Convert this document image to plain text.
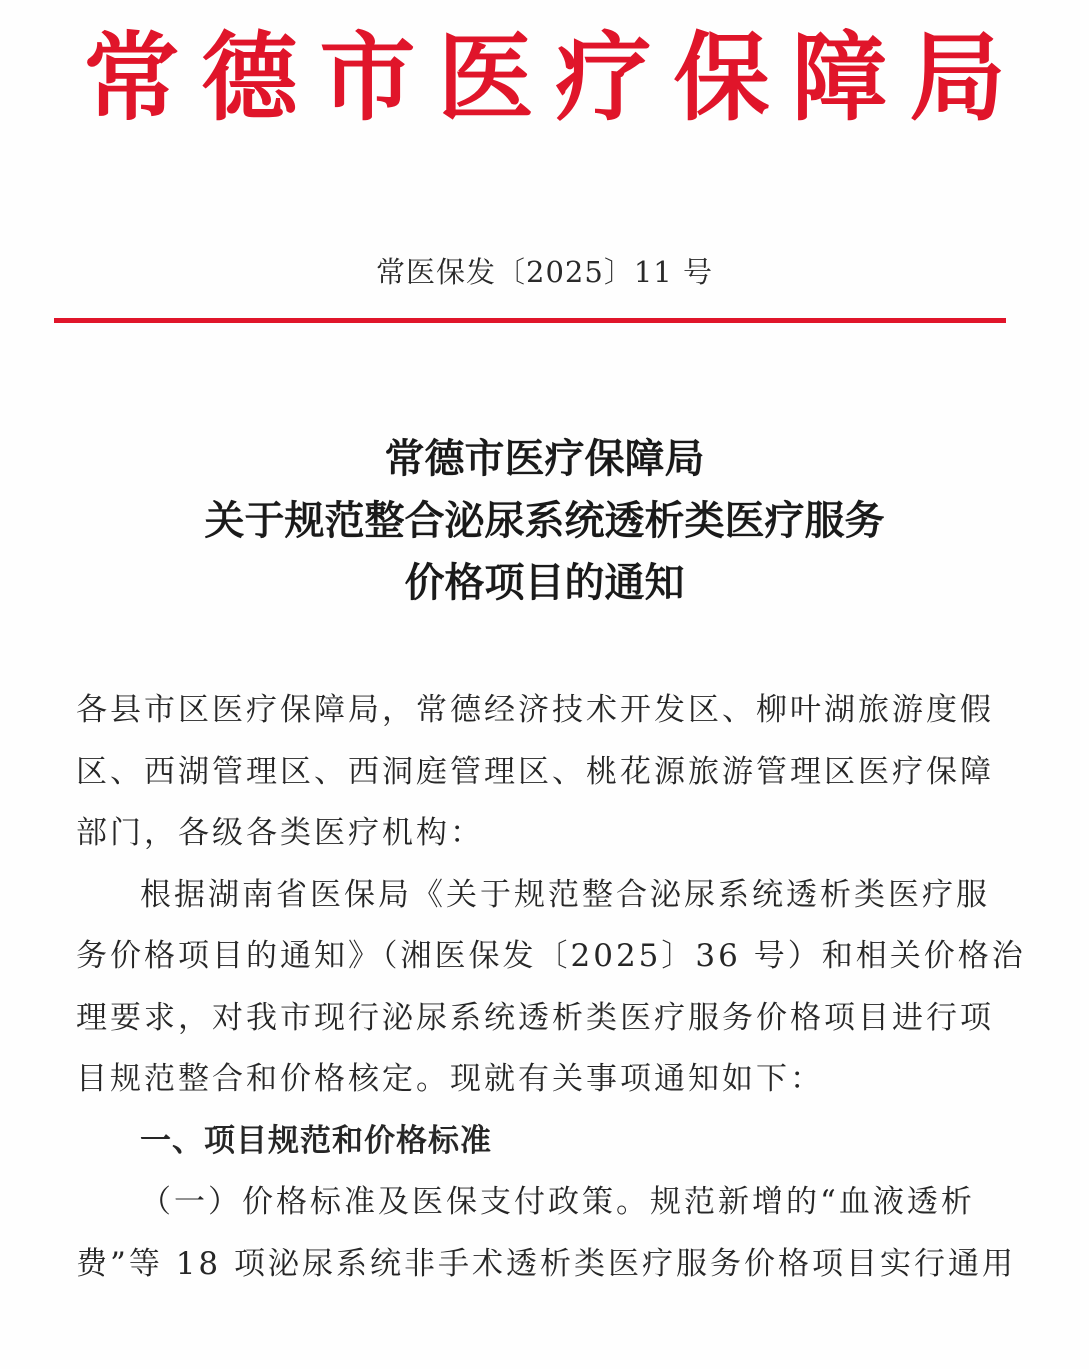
常德市医疗保障局
常医保发〔2025〕11 号
常德市医疗保障局
关于规范整合泌尿系统透析类医疗服务
价格项目的通知
各县市区医疗保障局，常德经济技术开发区、柳叶湖旅游度假
区、西湖管理区、西洞庭管理区、桃花源旅游管理区医疗保障
部门，各级各类医疗机构：
根据湖南省医保局《关于规范整合泌尿系统透析类医疗服
务价格项目的通知》（湘医保发〔2025〕36 号）和相关价格治
理要求，对我市现行泌尿系统透析类医疗服务价格项目进行项
目规范整合和价格核定。现就有关事项通知如下：
一、项目规范和价格标准
（一）价格标准及医保支付政策。规范新增的“血液透析
费”等 18 项泌尿系统非手术透析类医疗服务价格项目实行通用
